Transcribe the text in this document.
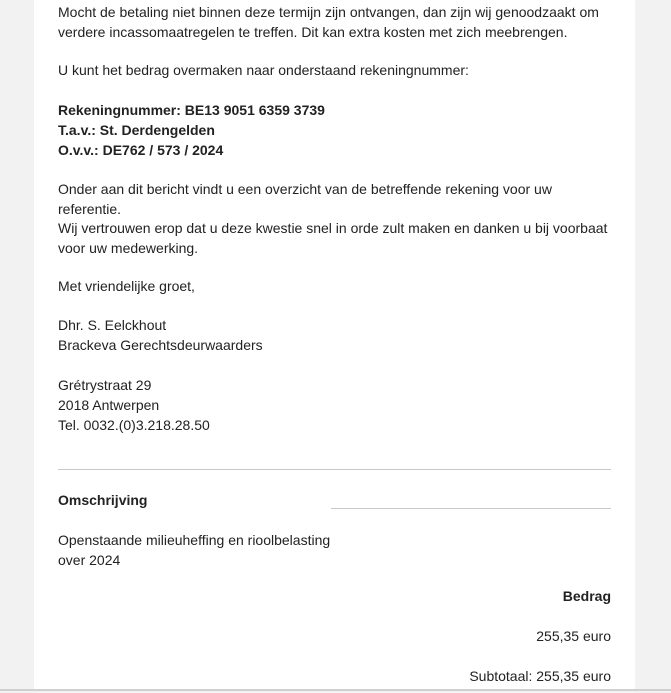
Mocht de betaling niet binnen deze termijn zijn ontvangen, dan zijn wij genoodzaakt om
verdere incassomaatregelen te treffen. Dit kan extra kosten met zich meebrengen.

U kunt het bedrag overmaken naar onderstaand rekeningnummer:

Rekeningnummer: BE13 9051 6359 3739
T.a.v.: St. Derdengelden
O.v.v.: DE762 / 573 / 2024

Onder aan dit bericht vindt u een overzicht van de betreffende rekening voor uw referentie.

Wij vertrouwen erop dat u deze kwestie snel in orde zult maken en danken u bij voorbaat
voor uw medewerking.

Met vriendelijke groet,

Dhr. S. Eelckhout
Brackeva Gerechtsdeurwaarders

Grétrystraat 29
2018 Antwerpen
Tel. 0032.(0)3.218.28.50

Omschrijving

Openstaande milieuheffing en rioolbelasting
over 2024

Bedrag
255,35 euro
Subtotaal: 255,35 euro
